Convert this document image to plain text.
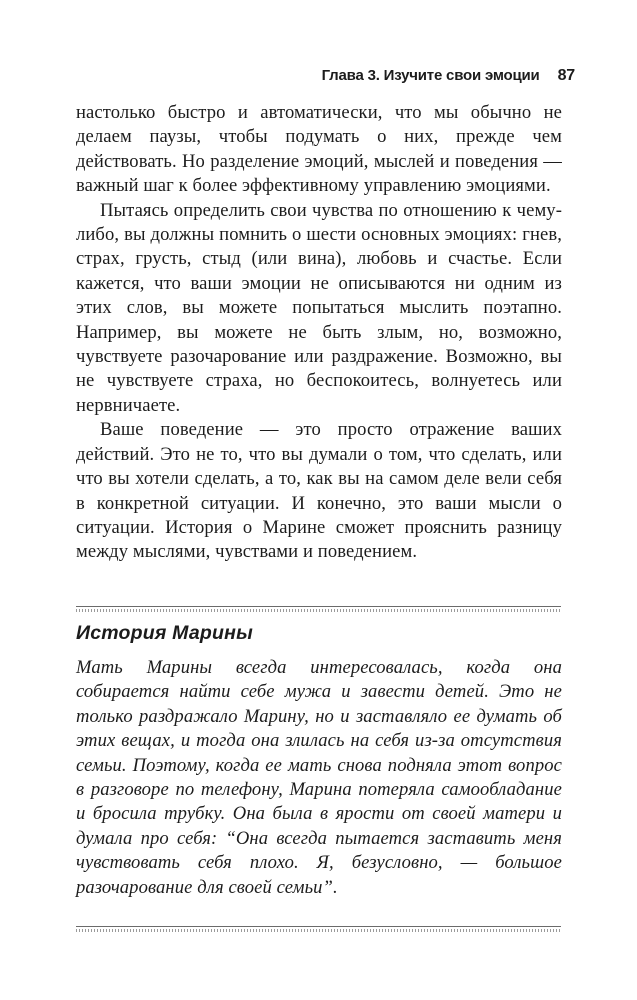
Глава 3. Изучите свои эмоции 87

настолько быстро и автоматически, что мы обычно не делаем паузы, чтобы подумать о них, прежде чем действовать. Но разделение эмоций, мыслей и поведения — важный шаг к более эффективному управлению эмоциями.

Пытаясь определить свои чувства по отношению к чему-либо, вы должны помнить о шести основных эмоциях: гнев, страх, грусть, стыд (или вина), любовь и счастье. Если кажется, что ваши эмоции не описываются ни одним из этих слов, вы можете попытаться мыслить поэтапно. Например, вы можете не быть злым, но, возможно, чувствуете разочарование или раздражение. Возможно, вы не чувствуете страха, но беспокоитесь, волнуетесь или нервничаете.

Ваше поведение — это просто отражение ваших действий. Это не то, что вы думали о том, что сделать, или что вы хотели сделать, а то, как вы на самом деле вели себя в конкретной ситуации. И конечно, это ваши мысли о ситуации. История о Марине сможет прояснить разницу между мыслями, чувствами и поведением.

История Марины

Мать Марины всегда интересовалась, когда она собирается найти себе мужа и завести детей. Это не только раздражало Марину, но и заставляло ее думать об этих вещах, и тогда она злилась на себя из-за отсутствия семьи. Поэтому, когда ее мать снова подняла этот вопрос в разговоре по телефону, Марина потеряла самообладание и бросила трубку. Она была в ярости от своей матери и думала про себя: “Она всегда пытается заставить меня чувствовать себя плохо. Я, безусловно, — большое разочарование для своей семьи”.
